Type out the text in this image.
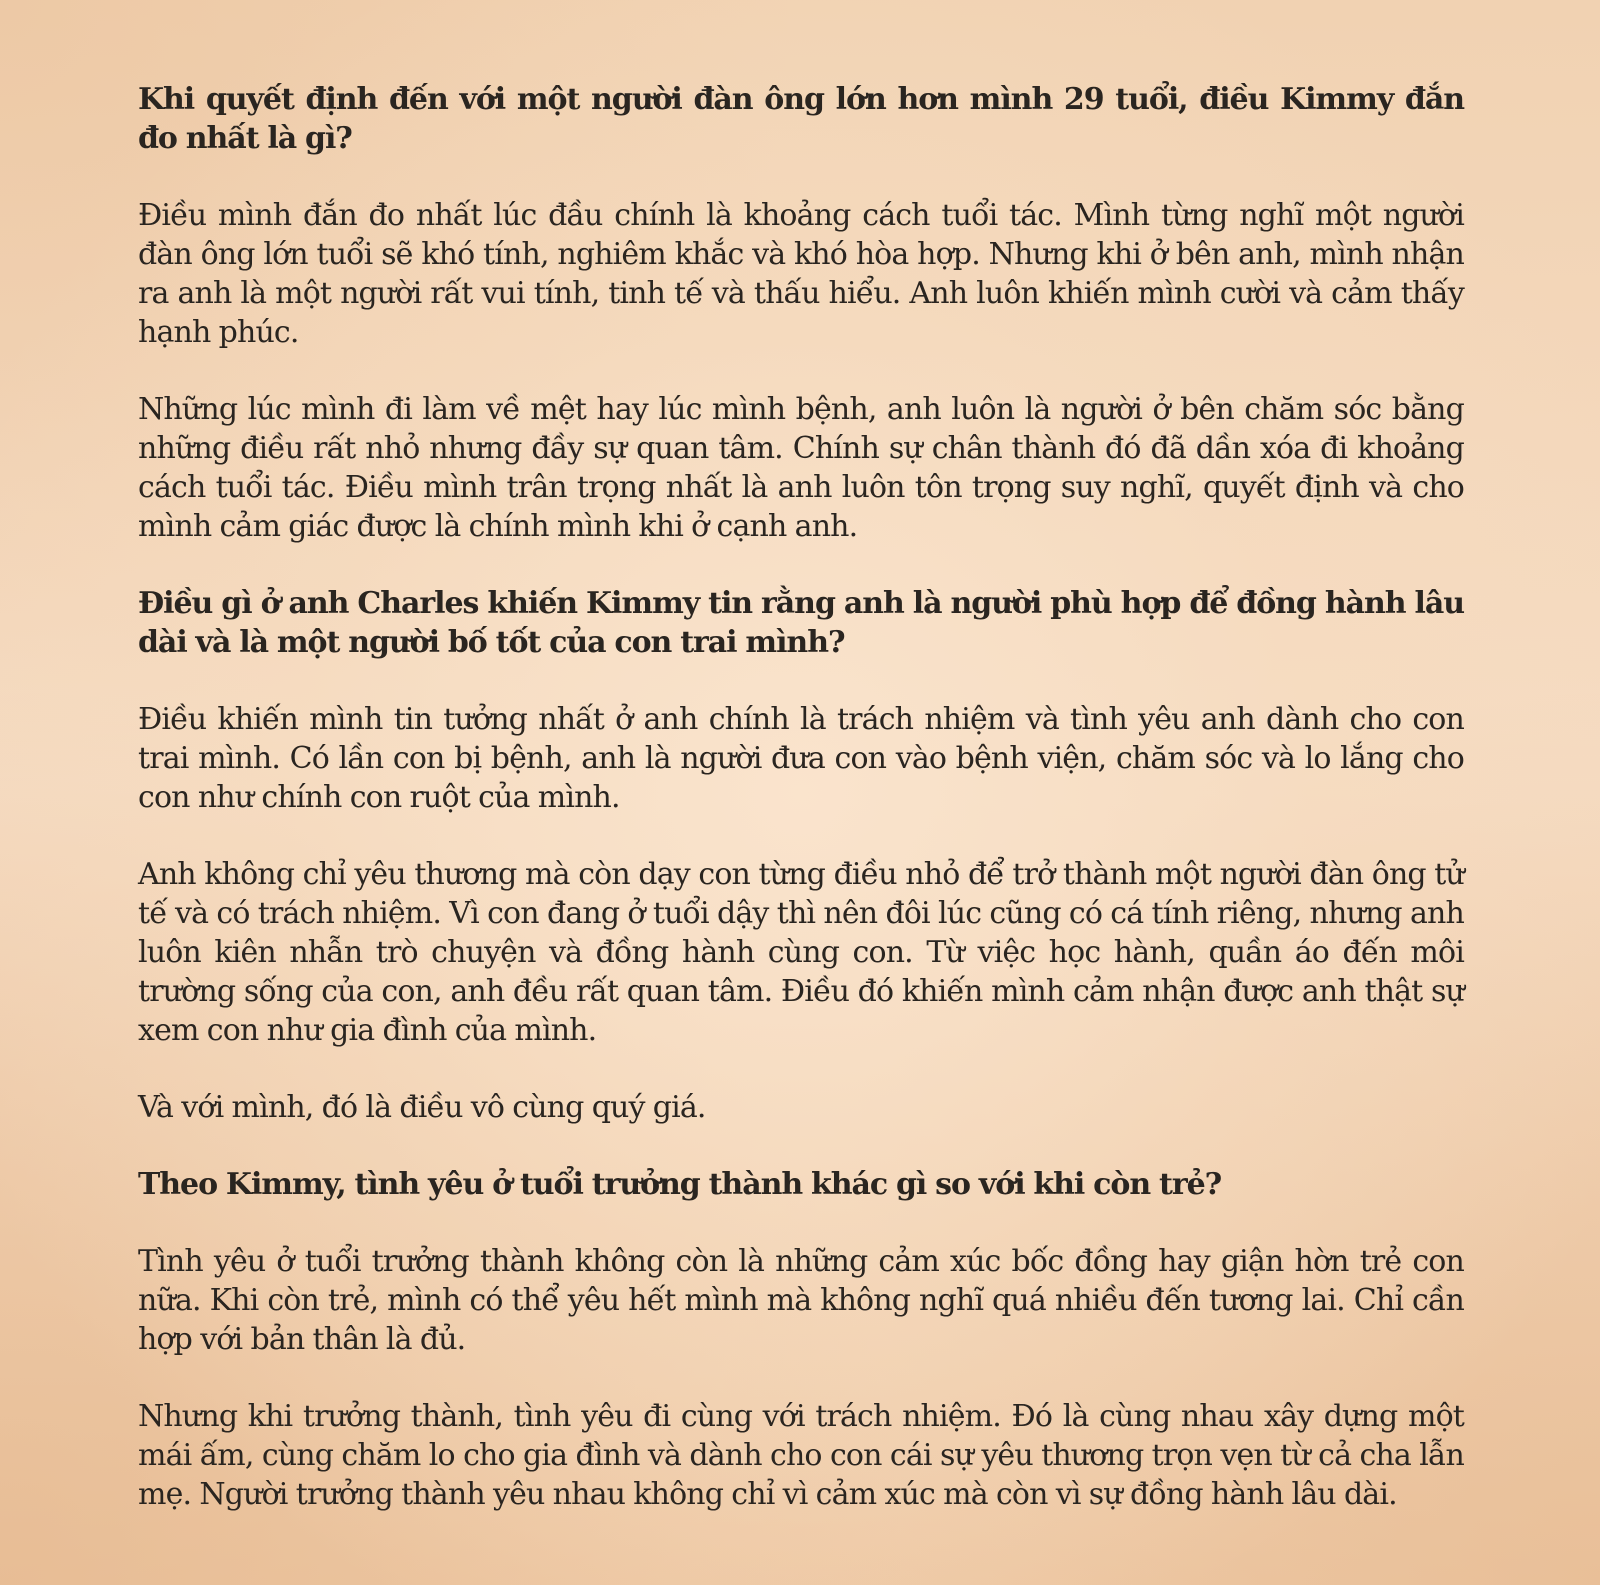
Khi quyết định đến với một người đàn ông lớn hơn mình 29 tuổi, điều Kimmy đắn đo nhất là gì?

Điều mình đắn đo nhất lúc đầu chính là khoảng cách tuổi tác. Mình từng nghĩ một người đàn ông lớn tuổi sẽ khó tính, nghiêm khắc và khó hòa hợp. Nhưng khi ở bên anh, mình nhận ra anh là một người rất vui tính, tinh tế và thấu hiểu. Anh luôn khiến mình cười và cảm thấy hạnh phúc.

Những lúc mình đi làm về mệt hay lúc mình bệnh, anh luôn là người ở bên chăm sóc bằng những điều rất nhỏ nhưng đầy sự quan tâm. Chính sự chân thành đó đã dần xóa đi khoảng cách tuổi tác. Điều mình trân trọng nhất là anh luôn tôn trọng suy nghĩ, quyết định và cho mình cảm giác được là chính mình khi ở cạnh anh.

Điều gì ở anh Charles khiến Kimmy tin rằng anh là người phù hợp để đồng hành lâu dài và là một người bố tốt của con trai mình?

Điều khiến mình tin tưởng nhất ở anh chính là trách nhiệm và tình yêu anh dành cho con trai mình. Có lần con bị bệnh, anh là người đưa con vào bệnh viện, chăm sóc và lo lắng cho con như chính con ruột của mình.

Anh không chỉ yêu thương mà còn dạy con từng điều nhỏ để trở thành một người đàn ông tử tế và có trách nhiệm. Vì con đang ở tuổi dậy thì nên đôi lúc cũng có cá tính riêng, nhưng anh luôn kiên nhẫn trò chuyện và đồng hành cùng con. Từ việc học hành, quần áo đến môi trường sống của con, anh đều rất quan tâm. Điều đó khiến mình cảm nhận được anh thật sự xem con như gia đình của mình.

Và với mình, đó là điều vô cùng quý giá.

Theo Kimmy, tình yêu ở tuổi trưởng thành khác gì so với khi còn trẻ?

Tình yêu ở tuổi trưởng thành không còn là những cảm xúc bốc đồng hay giận hờn trẻ con nữa. Khi còn trẻ, mình có thể yêu hết mình mà không nghĩ quá nhiều đến tương lai. Chỉ cần hợp với bản thân là đủ.

Nhưng khi trưởng thành, tình yêu đi cùng với trách nhiệm. Đó là cùng nhau xây dựng một mái ấm, cùng chăm lo cho gia đình và dành cho con cái sự yêu thương trọn vẹn từ cả cha lẫn mẹ. Người trưởng thành yêu nhau không chỉ vì cảm xúc mà còn vì sự đồng hành lâu dài.
